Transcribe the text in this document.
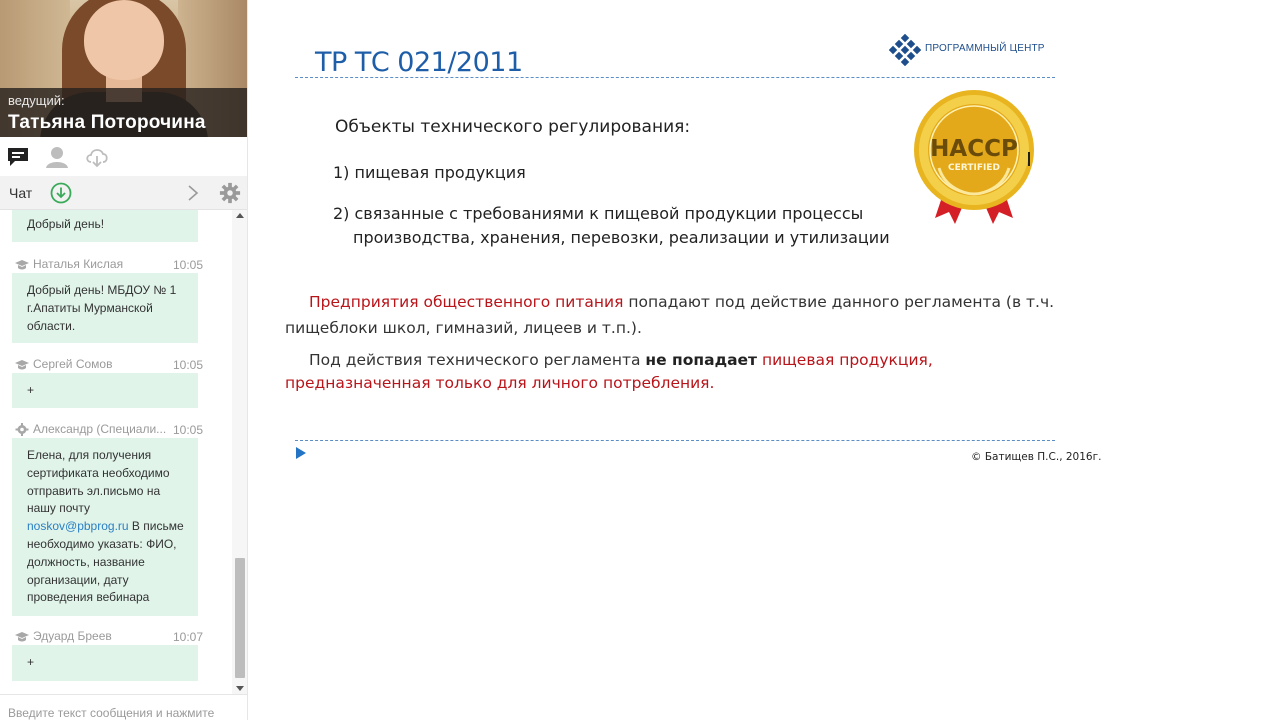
ведущий:
Татьяна Поторочина
Чат
Добрый день!
Наталья Кислая	10:05
Добрый день! МБДОУ № 1 г.Апатиты Мурманской области.
Сергей Сомов	10:05
+
Александр (Специали... 10:05
Елена, для получения сертификата необходимо отправить эл.письмо на нашу почту noskov@pbprog.ru В письме необходимо указать: ФИО, должность, название организации, дату проведения вебинара
Эдуард Бреев	10:07
+
Введите текст сообщения и нажмите
ТР ТС 021/2011	ПРОГРАММНЫЙ ЦЕНТР
Объекты технического регулирования:
1) пищевая продукция
2) связанные с требованиями к пищевой продукции процессы
производства, хранения, перевозки, реализации и утилизации
HACCP
CERTIFIED
Предприятия общественного питания попадают под действие данного регламента (в т.ч. пищеблоки школ, гимназий, лицеев и т.п.).
Под действия технического регламента не попадает пищевая продукция, предназначенная только для личного потребления.
© Батищев П.С., 2016г.
